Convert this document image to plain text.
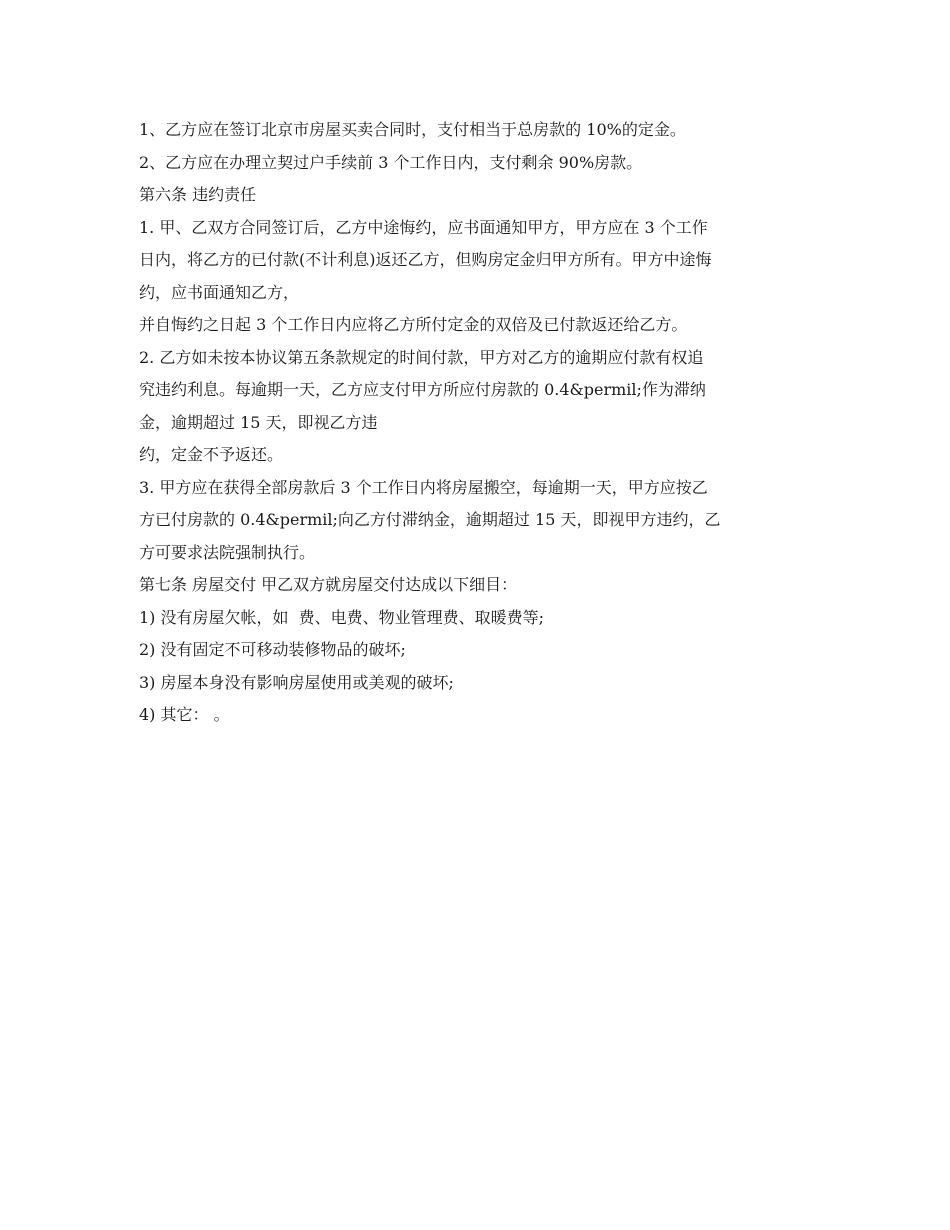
1、乙方应在签订北京市房屋买卖合同时，支付相当于总房款的 10%的定金。
2、乙方应在办理立契过户手续前 3 个工作日内，支付剩余 90%房款。
第六条 违约责任
1. 甲、乙双方合同签订后，乙方中途悔约，应书面通知甲方，甲方应在 3 个工作
日内，将乙方的已付款(不计利息)返还乙方，但购房定金归甲方所有。甲方中途悔
约，应书面通知乙方，
并自悔约之日起 3 个工作日内应将乙方所付定金的双倍及已付款返还给乙方。
2. 乙方如未按本协议第五条款规定的时间付款，甲方对乙方的逾期应付款有权追
究违约利息。每逾期一天，乙方应支付甲方所应付房款的 0.4&permil;作为滞纳
金，逾期超过 15 天，即视乙方违
约，定金不予返还。
3. 甲方应在获得全部房款后 3 个工作日内将房屋搬空，每逾期一天，甲方应按乙
方已付房款的 0.4&permil;向乙方付滞纳金，逾期超过 15 天，即视甲方违约，乙
方可要求法院强制执行。
第七条 房屋交付 甲乙双方就房屋交付达成以下细目：
1) 没有房屋欠帐，如  费、电费、物业管理费、取暖费等;
2) 没有固定不可移动装修物品的破坏;
3) 房屋本身没有影响房屋使用或美观的破坏;
4) 其它： 。
